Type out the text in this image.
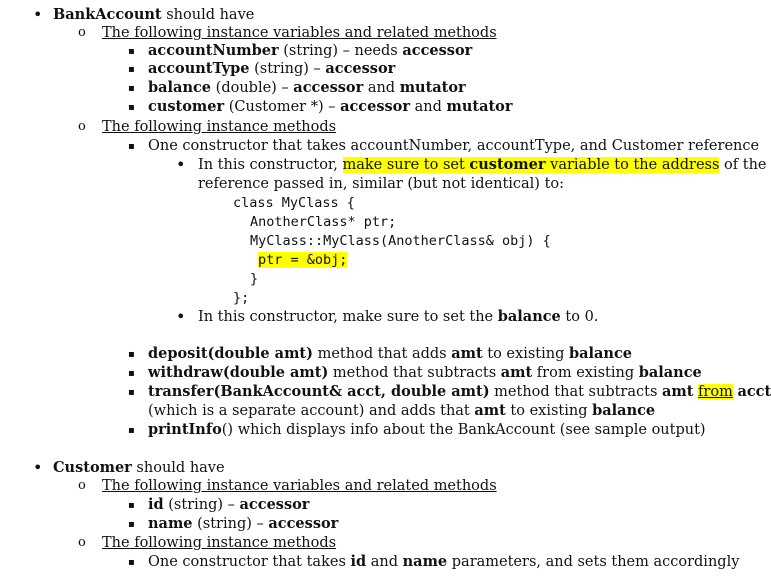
• BankAccount should have
o The following instance variables and related methods
▪ accountNumber (string) – needs accessor
▪ accountType (string) – accessor
▪ balance (double) – accessor and mutator
▪ customer (Customer *) – accessor and mutator
o The following instance methods
▪ One constructor that takes accountNumber, accountType, and Customer reference
• In this constructor, make sure to set customer variable to the address of the
reference passed in, similar (but not identical) to:
class MyClass {
AnotherClass* ptr;
MyClass::MyClass(AnotherClass& obj) {
ptr = &obj;
}
};
• In this constructor, make sure to set the balance to 0.
▪ deposit(double amt) method that adds amt to existing balance
▪ withdraw(double amt) method that subtracts amt from existing balance
▪ transfer(BankAccount& acct, double amt) method that subtracts amt from acct
(which is a separate account) and adds that amt to existing balance
▪ printInfo() which displays info about the BankAccount (see sample output)
• Customer should have
o The following instance variables and related methods
▪ id (string) – accessor
▪ name (string) – accessor
o The following instance methods
▪ One constructor that takes id and name parameters, and sets them accordingly
